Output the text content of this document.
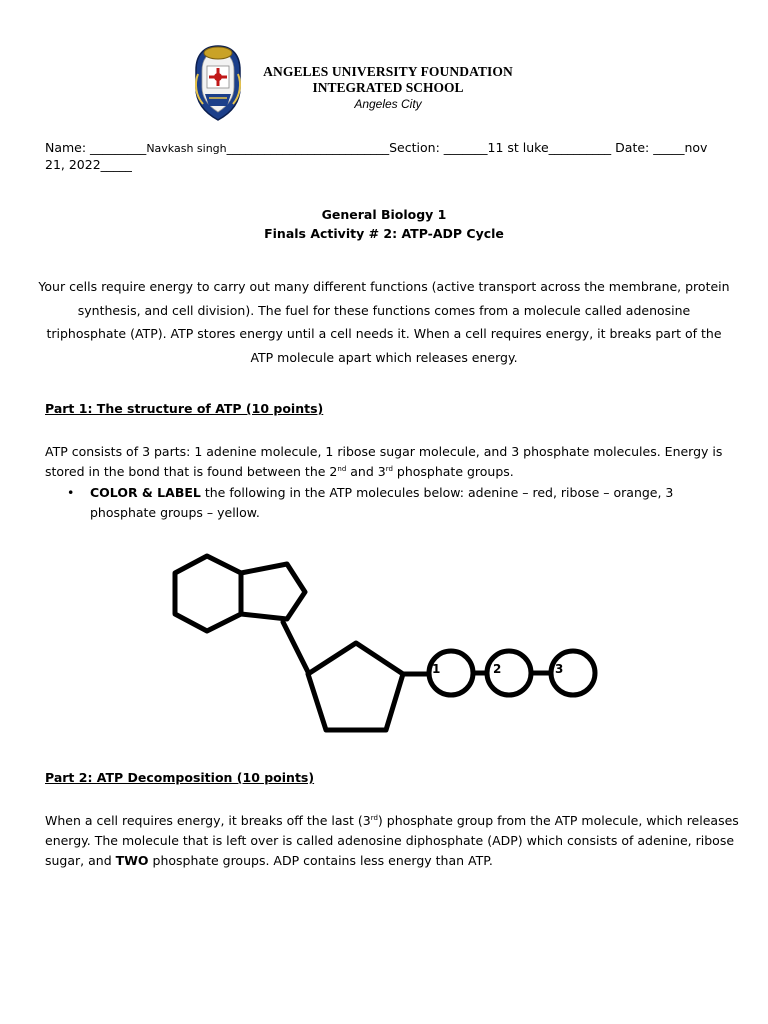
ANGELES UNIVERSITY FOUNDATION
INTEGRATED SCHOOL
Angeles City
Name: _________Navkash singh__________________________Section: _______11 st luke__________ Date: _____nov
21, 2022_____
General Biology 1
Finals Activity # 2: ATP-ADP Cycle
Your cells require energy to carry out many different functions (active transport across the membrane, protein
synthesis, and cell division). The fuel for these functions comes from a molecule called adenosine
triphosphate (ATP). ATP stores energy until a cell needs it. When a cell requires energy, it breaks part of the
ATP molecule apart which releases energy.
Part 1: The structure of ATP (10 points)
ATP consists of 3 parts: 1 adenine molecule, 1 ribose sugar molecule, and 3 phosphate molecules. Energy is
stored in the bond that is found between the 2nd and 3rd phosphate groups.
• COLOR & LABEL the following in the ATP molecules below: adenine – red, ribose – orange, 3
phosphate groups – yellow.
1	2	3
Part 2: ATP Decomposition (10 points)
When a cell requires energy, it breaks off the last (3rd) phosphate group from the ATP molecule, which releases
energy. The molecule that is left over is called adenosine diphosphate (ADP) which consists of adenine, ribose
sugar, and TWO phosphate groups. ADP contains less energy than ATP.
